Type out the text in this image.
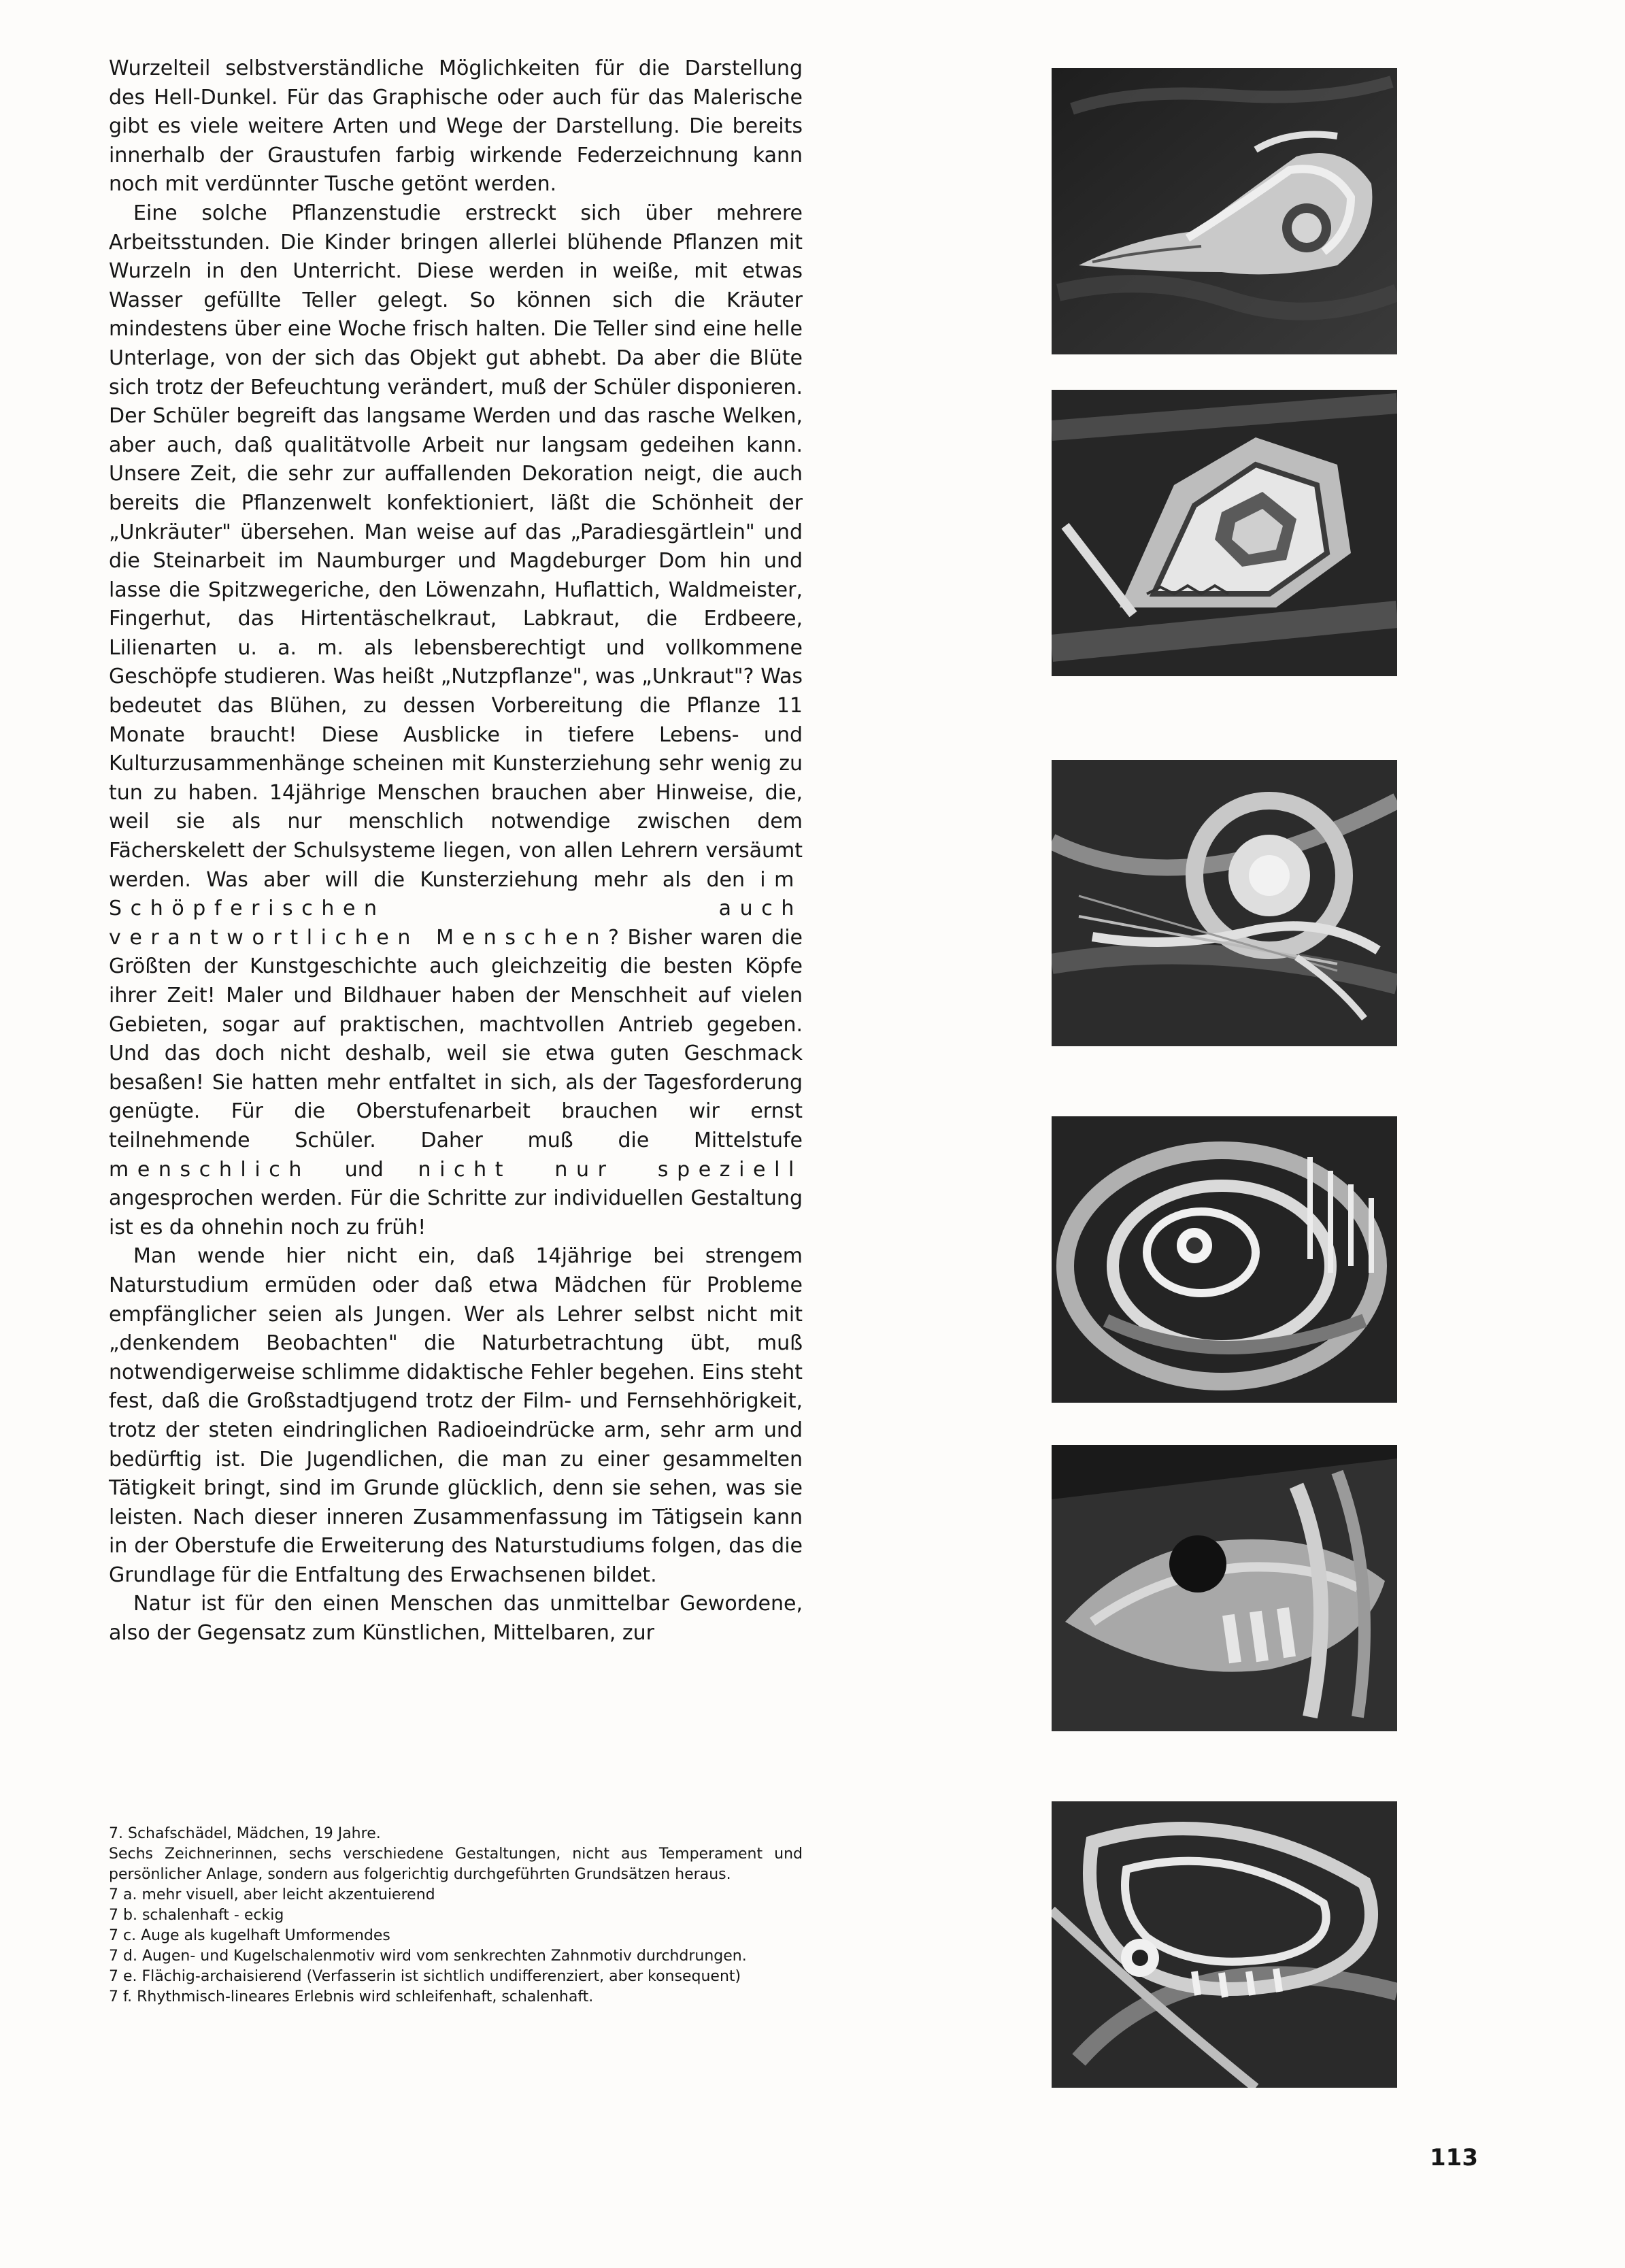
Wurzelteil selbstverständliche Möglichkeiten für die Darstellung des Hell-Dunkel. Für das Graphische oder auch für das Malerische gibt es viele weitere Arten und Wege der Darstellung. Die bereits innerhalb der Graustufen farbig wirkende Federzeichnung kann noch mit verdünnter Tusche getönt werden.

Eine solche Pflanzenstudie erstreckt sich über mehrere Arbeitsstunden. Die Kinder bringen allerlei blühende Pflanzen mit Wurzeln in den Unterricht. Diese werden in weiße, mit etwas Wasser gefüllte Teller gelegt. So können sich die Kräuter mindestens über eine Woche frisch halten. Die Teller sind eine helle Unterlage, von der sich das Objekt gut abhebt. Da aber die Blüte sich trotz der Befeuchtung verändert, muß der Schüler disponieren. Der Schüler begreift das langsame Werden und das rasche Welken, aber auch, daß qualitätvolle Arbeit nur langsam gedeihen kann. Unsere Zeit, die sehr zur auffallenden Dekoration neigt, die auch bereits die Pflanzenwelt konfektioniert, läßt die Schönheit der „Unkräuter" übersehen. Man weise auf das „Paradiesgärtlein" und die Steinarbeit im Naumburger und Magdeburger Dom hin und lasse die Spitzwegeriche, den Löwenzahn, Huflattich, Waldmeister, Fingerhut, das Hirtentäschelkraut, Labkraut, die Erdbeere, Lilienarten u. a. m. als lebensberechtigt und vollkommene Geschöpfe studieren. Was heißt „Nutzpflanze", was „Unkraut"? Was bedeutet das Blühen, zu dessen Vorbereitung die Pflanze 11 Monate braucht! Diese Ausblicke in tiefere Lebens- und Kulturzusammenhänge scheinen mit Kunsterziehung sehr wenig zu tun zu haben. 14jährige Menschen brauchen aber Hinweise, die, weil sie als nur menschlich notwendige zwischen dem Fächerskelett der Schulsysteme liegen, von allen Lehrern versäumt werden. Was aber will die Kunsterziehung mehr als den im Schöpferischen auch verantwortlichen Menschen? Bisher waren die Größten der Kunstgeschichte auch gleichzeitig die besten Köpfe ihrer Zeit! Maler und Bildhauer haben der Menschheit auf vielen Gebieten, sogar auf praktischen, machtvollen Antrieb gegeben. Und das doch nicht deshalb, weil sie etwa guten Geschmack besaßen! Sie hatten mehr entfaltet in sich, als der Tagesforderung genügte. Für die Oberstufenarbeit brauchen wir ernst teilnehmende Schüler. Daher muß die Mittelstufe menschlich und nicht nur speziell angesprochen werden. Für die Schritte zur individuellen Gestaltung ist es da ohnehin noch zu früh!

Man wende hier nicht ein, daß 14jährige bei strengem Naturstudium ermüden oder daß etwa Mädchen für Probleme empfänglicher seien als Jungen. Wer als Lehrer selbst nicht mit „denkendem Beobachten" die Naturbetrachtung übt, muß notwendigerweise schlimme didaktische Fehler begehen. Eins steht fest, daß die Großstadtjugend trotz der Film- und Fernsehhörigkeit, trotz der steten eindringlichen Radioeindrücke arm, sehr arm und bedürftig ist. Die Jugendlichen, die man zu einer gesammelten Tätigkeit bringt, sind im Grunde glücklich, denn sie sehen, was sie leisten. Nach dieser inneren Zusammenfassung im Tätigsein kann in der Oberstufe die Erweiterung des Naturstudiums folgen, das die Grundlage für die Entfaltung des Erwachsenen bildet.

Natur ist für den einen Menschen das unmittelbar Gewordene, also der Gegensatz zum Künstlichen, Mittelbaren, zur

7. Schafschädel, Mädchen, 19 Jahre.

Sechs Zeichnerinnen, sechs verschiedene Gestaltungen, nicht aus Temperament und persönlicher Anlage, sondern aus folgerichtig durchgeführten Grundsätzen heraus.

7 a. mehr visuell, aber leicht akzentuierend

7 b. schalenhaft - eckig

7 c. Auge als kugelhaft Umformendes

7 d. Augen- und Kugelschalenmotiv wird vom senkrechten Zahnmotiv durchdrungen.

7 e. Flächig-archaisierend (Verfasserin ist sichtlich undifferenziert, aber konsequent)

7 f. Rhythmisch-lineares Erlebnis wird schleifenhaft, schalenhaft.

113
